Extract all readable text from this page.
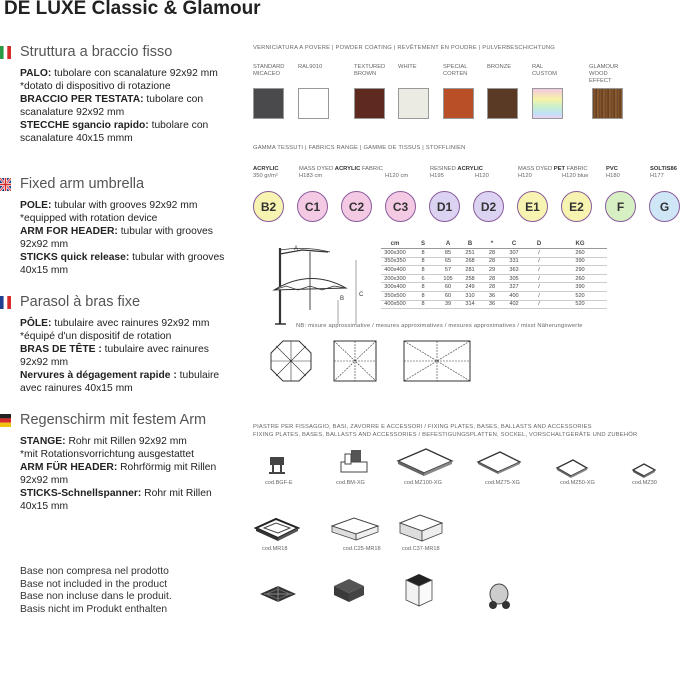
DE LUXE Classic & Glamour
Struttura a braccio fisso
PALO: tubolare con scanalature 92x92 mm
*dotato di dispositivo di rotazione
BRACCIO PER TESTATA: tubolare con scanalature 92x92 mm
STECCHE sgancio rapido: tubolare con scanalature 40x15 mmm
Fixed arm umbrella
POLE: tubular with grooves 92x92 mm
*equipped with rotation device
ARM FOR HEADER: tubular with grooves 92x92 mm
STICKS quick release: tubular with grooves 40x15 mm
Parasol à bras fixe
PÔLE: tubulaire avec rainures 92x92 mm
*équipé d'un dispositif de rotation
BRAS DE TÊTE : tubulaire avec rainures 92x92 mm
Nervures à dégagement rapide : tubulaire avec rainures 40x15 mm
Regenschirm mit festem Arm
STANGE: Rohr mit Rillen 92x92 mm
*mit Rotationsvorrichtung ausgestattet
ARM FÜR HEADER: Rohrförmig mit Rillen 92x92 mm
STICKS-Schnellspanner: Rohr mit Rillen 40x15 mm
Base non compresa nel prodotto
Base not included in the product
Base non incluse dans le produit.
Basis nicht im Produkt enthalten
VERNICIATURA A POVERE | POWDER COATING | REVÊTEMENT EN POUDRE | PULVERBESCHICHTUNG
STANDARD
MICACEO
RAL9010	TEXTURED
BROWN
WHITE	SPECIAL
CORTEN
BRONZE	RAL
CUSTOM
GLAMOUR
WOOD EFFECT
GAMMA TESSUTI | FABRICS RANGE | GAMME DE TISSUS | STOFFLINIEN
ACRYLIC
350 gr/m²
MASS DYED ACRYLIC FABRIC
H183 cm	H120 cm
RESINED ACRYLIC
H195	H120
MASS DYED PET FABRIC
H120	H120 blue
PVC
H180
SOLTIS86
H177
B2	C1	C2	C3	D1	D2	E1	E2	F	G
C
B
A
cm	S	A	B	*	C	D	KG
300x300	8	85	251	28	307	/	260
350x350	8	65	268	28	331	/	390
400x400	8	57	281	29	363	/	290
200x300	6	105	258	28	305	/	260
300x400	8	60	249	28	327	/	390
350x500	8	60	310	36	400	/	520
400x500	8	39	314	36	402	/	520
NB: misure approssimative / mesures approximatives / mesures approximatives / misst Näherungswerte
PIASTRE PER FISSAGGIO, BASI, ZAVORRE E ACCESSORI / FIXING PLATES, BASES, BALLASTS AND ACCESSORIES
FIXING PLATES, BASES, BALLASTS AND ACCESSORIES / BEFESTIGUNGSPLATTEN, SOCKEL, VORSCHALTGERÄTE UND ZUBEHÖR
cod.BGF-E	cod.BM-XG	cod.MZ100-XG	cod.MZ75-XG	cod.MZ50-XG	cod.MZ30
cod.MR18	cod.C25-MR18	cod.C37-MR18
